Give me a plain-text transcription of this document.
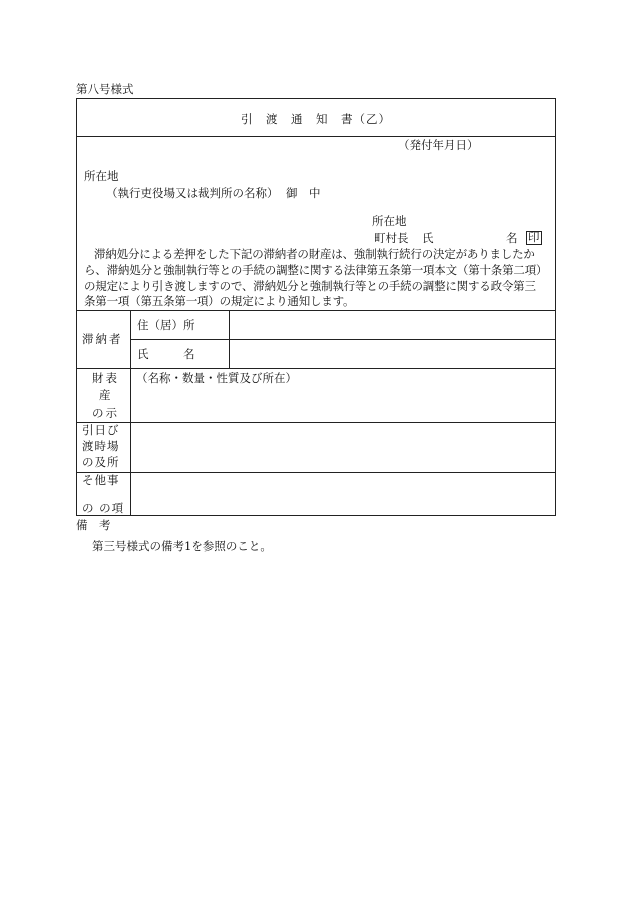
第八号様式
引　渡　通　知　書（乙）
（発付年月日）
所在地
（執行吏役場又は裁判所の名称） 御　中
所在地
町村長 氏	名 印
滞納処分による差押をした下記の滞納者の財産は、強制執行続行の決定がありましたか
ら、滞納処分と強制執行等との手続の調整に関する法律第五条第一項本文（第十条第二項）
の規定により引き渡しますので、滞納処分と強制執行等との手続の調整に関する政令第三
条第一項（第五条第一項）の規定により通知します。
滞納者
住（居）所
氏　　　名
財表
産
の示
（名称・数量・性質及び所在）
引日び
渡時場
の及所
そ他事
の の項
備　考
第三号様式の備考1を参照のこと。
